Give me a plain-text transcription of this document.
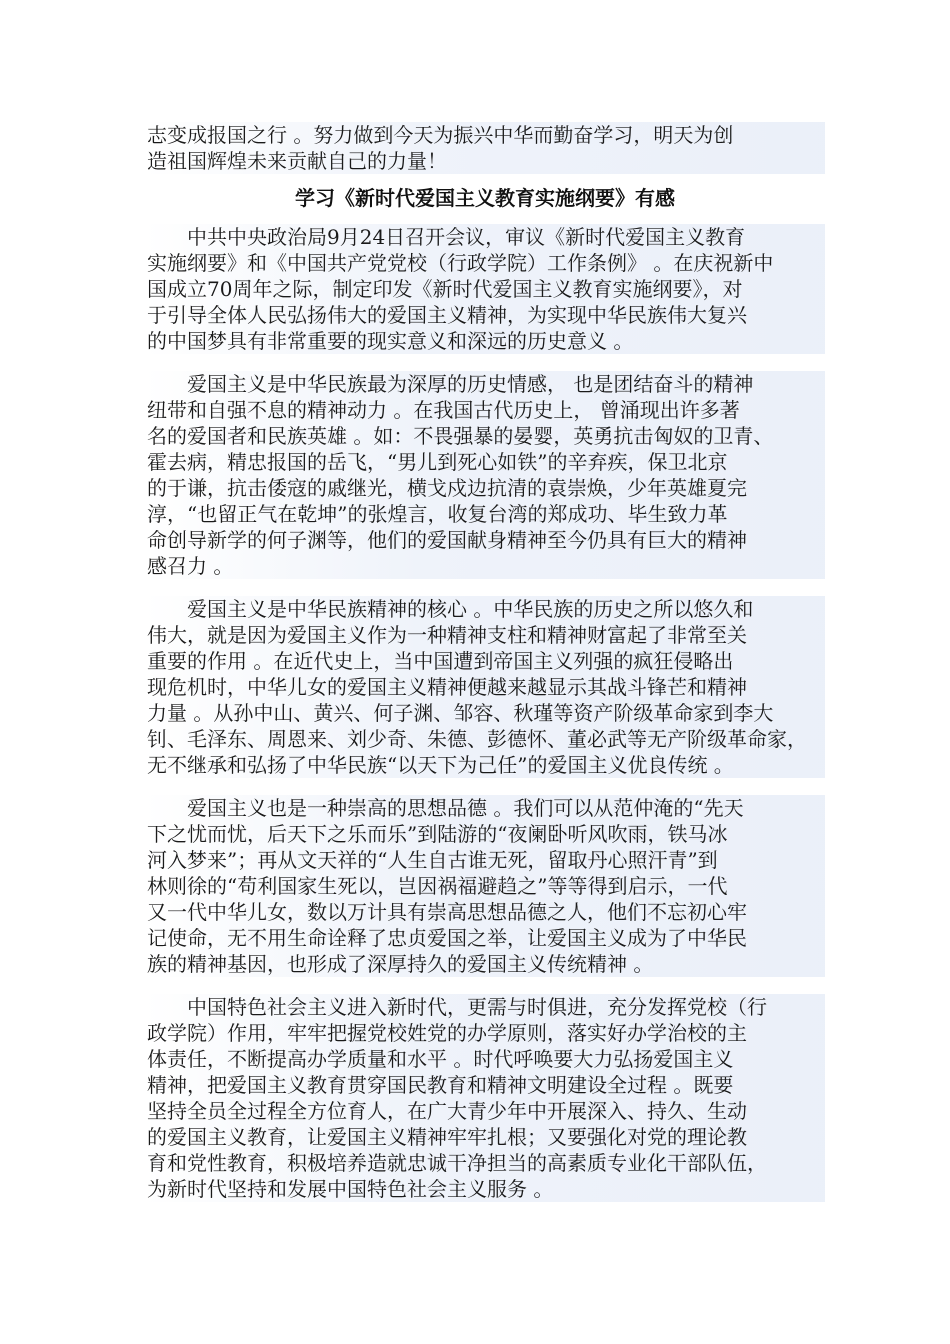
志变成报国之行 。努力做到今天为振兴中华而勤奋学习，明天为创
造祖国辉煌未来贡献自己的力量！
学习《新时代爱国主义教育实施纲要》有感
　　中共中央政治局9月24日召开会议，审议《新时代爱国主义教育
实施纲要》和《中国共产党党校（行政学院）工作条例》 。在庆祝新中
国成立70周年之际，制定印发《新时代爱国主义教育实施纲要》，对
于引导全体人民弘扬伟大的爱国主义精神，为实现中华民族伟大复兴
的中国梦具有非常重要的现实意义和深远的历史意义 。
　　爱国主义是中华民族最为深厚的历史情感， 也是团结奋斗的精神
纽带和自强不息的精神动力 。在我国古代历史上， 曾涌现出许多著
名的爱国者和民族英雄 。如：不畏强暴的晏婴，英勇抗击匈奴的卫青、
霍去病，精忠报国的岳飞，“男儿到死心如铁”的辛弃疾，保卫北京
的于谦，抗击倭寇的戚继光，横戈戍边抗清的袁崇焕，少年英雄夏完
淳，“也留正气在乾坤”的张煌言，收复台湾的郑成功、毕生致力革
命创导新学的何子渊等，他们的爱国献身精神至今仍具有巨大的精神
感召力 。
　　爱国主义是中华民族精神的核心 。中华民族的历史之所以悠久和
伟大，就是因为爱国主义作为一种精神支柱和精神财富起了非常至关
重要的作用 。在近代史上，当中国遭到帝国主义列强的疯狂侵略出
现危机时，中华儿女的爱国主义精神便越来越显示其战斗锋芒和精神
力量 。从孙中山、黄兴、何子渊、邹容、秋瑾等资产阶级革命家到李大
钊、毛泽东、周恩来、刘少奇、朱德、彭德怀、董必武等无产阶级革命家，
无不继承和弘扬了中华民族“以天下为己任”的爱国主义优良传统 。
　　爱国主义也是一种崇高的思想品德 。我们可以从范仲淹的“先天
下之忧而忧，后天下之乐而乐”到陆游的“夜阑卧听风吹雨，铁马冰
河入梦来”；再从文天祥的“人生自古谁无死，留取丹心照汗青”到
林则徐的“苟利国家生死以，岂因祸福避趋之”等等得到启示，一代
又一代中华儿女，数以万计具有崇高思想品德之人，他们不忘初心牢
记使命，无不用生命诠释了忠贞爱国之举，让爱国主义成为了中华民
族的精神基因，也形成了深厚持久的爱国主义传统精神 。
　　中国特色社会主义进入新时代，更需与时俱进，充分发挥党校（行
政学院）作用，牢牢把握党校姓党的办学原则，落实好办学治校的主
体责任，不断提高办学质量和水平 。时代呼唤要大力弘扬爱国主义
精神，把爱国主义教育贯穿国民教育和精神文明建设全过程 。既要
坚持全员全过程全方位育人，在广大青少年中开展深入、持久、生动
的爱国主义教育，让爱国主义精神牢牢扎根；又要强化对党的理论教
育和党性教育，积极培养造就忠诚干净担当的高素质专业化干部队伍，
为新时代坚持和发展中国特色社会主义服务 。
